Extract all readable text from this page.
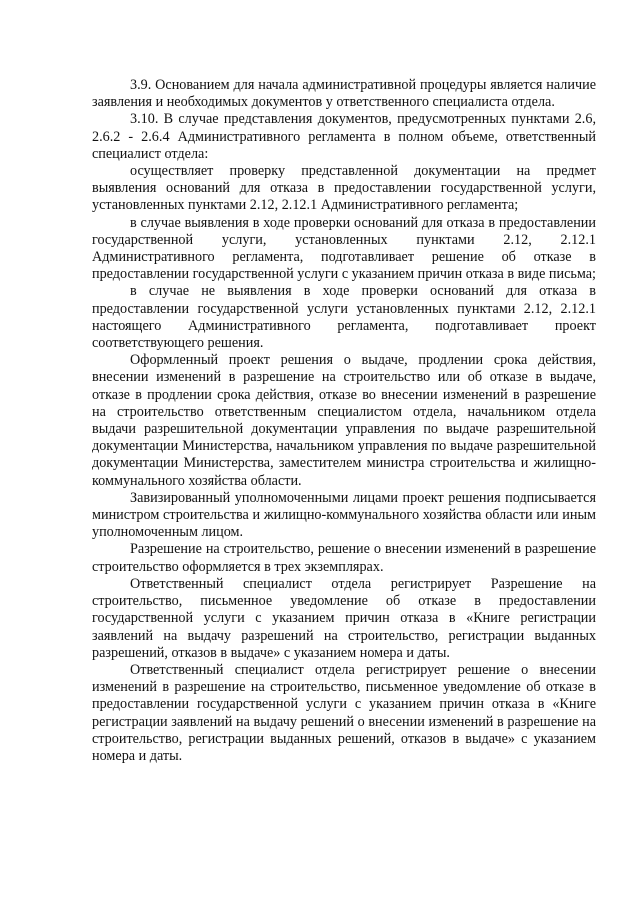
3.9. Основанием для начала административной процедуры является наличие заявления и необходимых документов у ответственного специалиста отдела.

3.10. В случае представления документов, предусмотренных пунктами 2.6, 2.6.2 - 2.6.4 Административного регламента в полном объеме, ответственный специалист отдела:

осуществляет проверку представленной документации на предмет выявления оснований для отказа в предоставлении государственной услуги, установленных пунктами 2.12, 2.12.1 Административного регламента;

в случае выявления в ходе проверки оснований для отказа в предоставлении государственной услуги, установленных пунктами 2.12, 2.12.1 Административного регламента, подготавливает решение об отказе в предоставлении государственной услуги с указанием причин отказа в виде письма;

в случае не выявления в ходе проверки оснований для отказа в предоставлении государственной услуги установленных пунктами 2.12, 2.12.1 настоящего Административного регламента, подготавливает проект соответствующего решения.

Оформленный проект решения о выдаче, продлении срока действия, внесении изменений в разрешение на строительство или об отказе в выдаче, отказе в продлении срока действия, отказе во внесении изменений в разрешение на строительство ответственным специалистом отдела, начальником отдела выдачи разрешительной документации управления по выдаче разрешительной документации Министерства, начальником управления по выдаче разрешительной документации Министерства, заместителем министра строительства и жилищно-коммунального хозяйства области.

Завизированный уполномоченными лицами проект решения подписывается министром строительства и жилищно-коммунального хозяйства области или иным уполномоченным лицом.

Разрешение на строительство, решение о внесении изменений в разрешение строительство оформляется в трех экземплярах.

Ответственный специалист отдела регистрирует Разрешение на строительство, письменное уведомление об отказе в предоставлении государственной услуги с указанием причин отказа в «Книге регистрации заявлений на выдачу разрешений на строительство, регистрации выданных разрешений, отказов в выдаче» с указанием номера и даты.

Ответственный специалист отдела регистрирует решение о внесении изменений в разрешение на строительство, письменное уведомление об отказе в предоставлении государственной услуги с указанием причин отказа в «Книге регистрации заявлений на выдачу решений о внесении изменений в разрешение на строительство, регистрации выданных решений, отказов в выдаче» с указанием номера и даты.
